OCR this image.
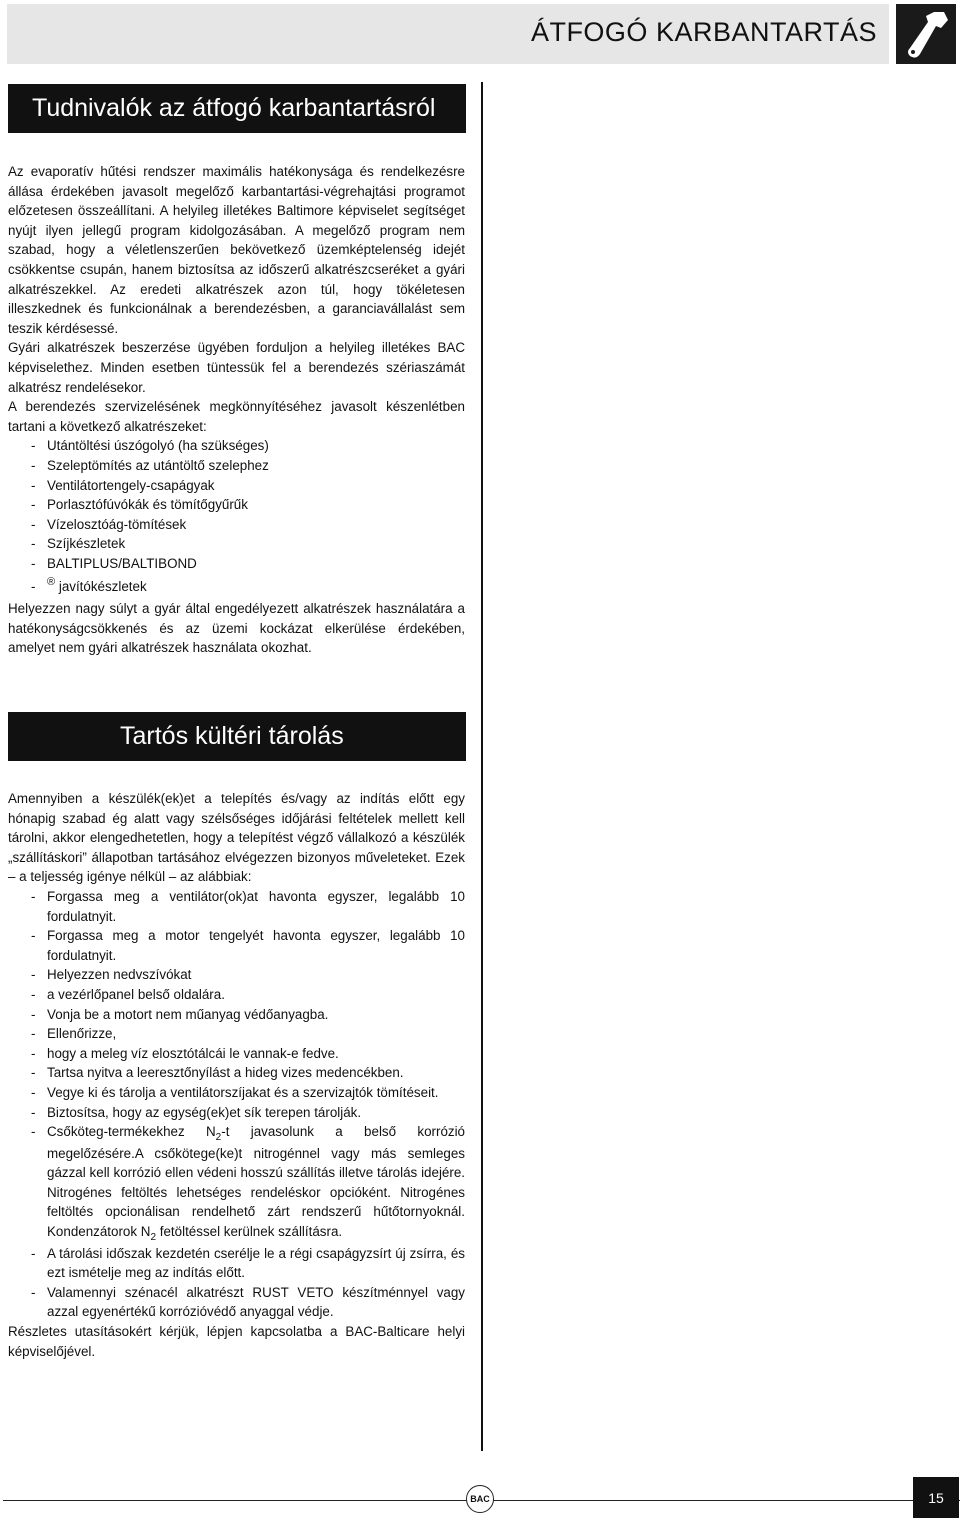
ÁTFOGÓ KARBANTARTÁS
Tudnivalók az átfogó karbantartásról

Az evaporatív hűtési rendszer maximális hatékonysága és rendelkezésre állása érdekében javasolt megelőző karbantartási-végrehajtási programot előzetesen összeállítani. A helyileg illetékes Baltimore képviselet segítséget nyújt ilyen jellegű program kidolgozásában. A megelőző program nem szabad, hogy a véletlenszerűen bekövetkező üzemképtelenség idejét csökkentse csupán, hanem biztosítsa az időszerű alkatrészcseréket a gyári alkatrészekkel. Az eredeti alkatrészek azon túl, hogy tökéletesen illeszkednek és funkcionálnak a berendezésben, a garanciavállalást sem teszik kérdésessé.

Gyári alkatrészek beszerzése ügyében forduljon a helyileg illetékes BAC képviselethez. Minden esetben tüntessük fel a berendezés szériaszámát alkatrész rendelésekor.

A berendezés szervizelésének megkönnyítéséhez javasolt készenlétben tartani a következő alkatrészeket:

- Utántöltési úszógolyó (ha szükséges)
- Szeleptömítés az utántöltő szelephez
- Ventilátortengely-csapágyak
- Porlasztófúvókák és tömítőgyűrűk
- Vízelosztóág-tömítések
- Szíjkészletek
- BALTIPLUS/BALTIBOND
- ® javítókészletek

Helyezzen nagy súlyt a gyár által engedélyezett alkatrészek használatára a hatékonyságcsökkenés és az üzemi kockázat elkerülése érdekében, amelyet nem gyári alkatrészek használata okozhat.

Tartós kültéri tárolás

Amennyiben a készülék(ek)et a telepítés és/vagy az indítás előtt egy hónapig szabad ég alatt vagy szélsőséges időjárási feltételek mellett kell tárolni, akkor elengedhetetlen, hogy a telepítést végző vállalkozó a készülék „szállításkori” állapotban tartásához elvégezzen bizonyos műveleteket. Ezek – a teljesség igénye nélkül – az alábbiak:

- Forgassa meg a ventilátor(ok)at havonta egyszer, legalább 10 fordulatnyit.
- Forgassa meg a motor tengelyét havonta egyszer, legalább 10 fordulatnyit.
- Helyezzen nedvszívókat
- a vezérlőpanel belső oldalára.
- Vonja be a motort nem műanyag védőanyagba.
- Ellenőrizze,
- hogy a meleg víz elosztótálcái le vannak-e fedve.
- Tartsa nyitva a leeresztőnyílást a hideg vizes medencékben.
- Vegye ki és tárolja a ventilátorszíjakat és a szervizajtók tömítéseit.
- Biztosítsa, hogy az egység(ek)et sík terepen tárolják.
- Csőköteg-termékekhez $N_2-t$ javasolunk a belső korrózió megelőzésére.A csőkötege(ke)t nitrogénnel vagy más semleges gázzal kell korrózió ellen védeni hosszú szállítás illetve tárolás idejére. Nitrogénes feltöltés lehetséges rendeléskor opcióként. Nitrogénes feltöltés opcionálisan rendelhető zárt rendszerű hűtőtornyoknál. Kondenzátorok $N_2$ fetöltéssel kerülnek szállításra.
- A tárolási időszak kezdetén cserélje le a régi csapágyzsírt új zsírra, és ezt ismételje meg az indítás előtt.
- Valamennyi szénacél alkatrészt RUST VETO készítménnyel vagy azzal egyenértékű korrózióvédő anyaggal védje.

Részletes utasításokért kérjük, lépjen kapcsolatba a BAC-Balticare helyi képviselőjével.

BAC	15
